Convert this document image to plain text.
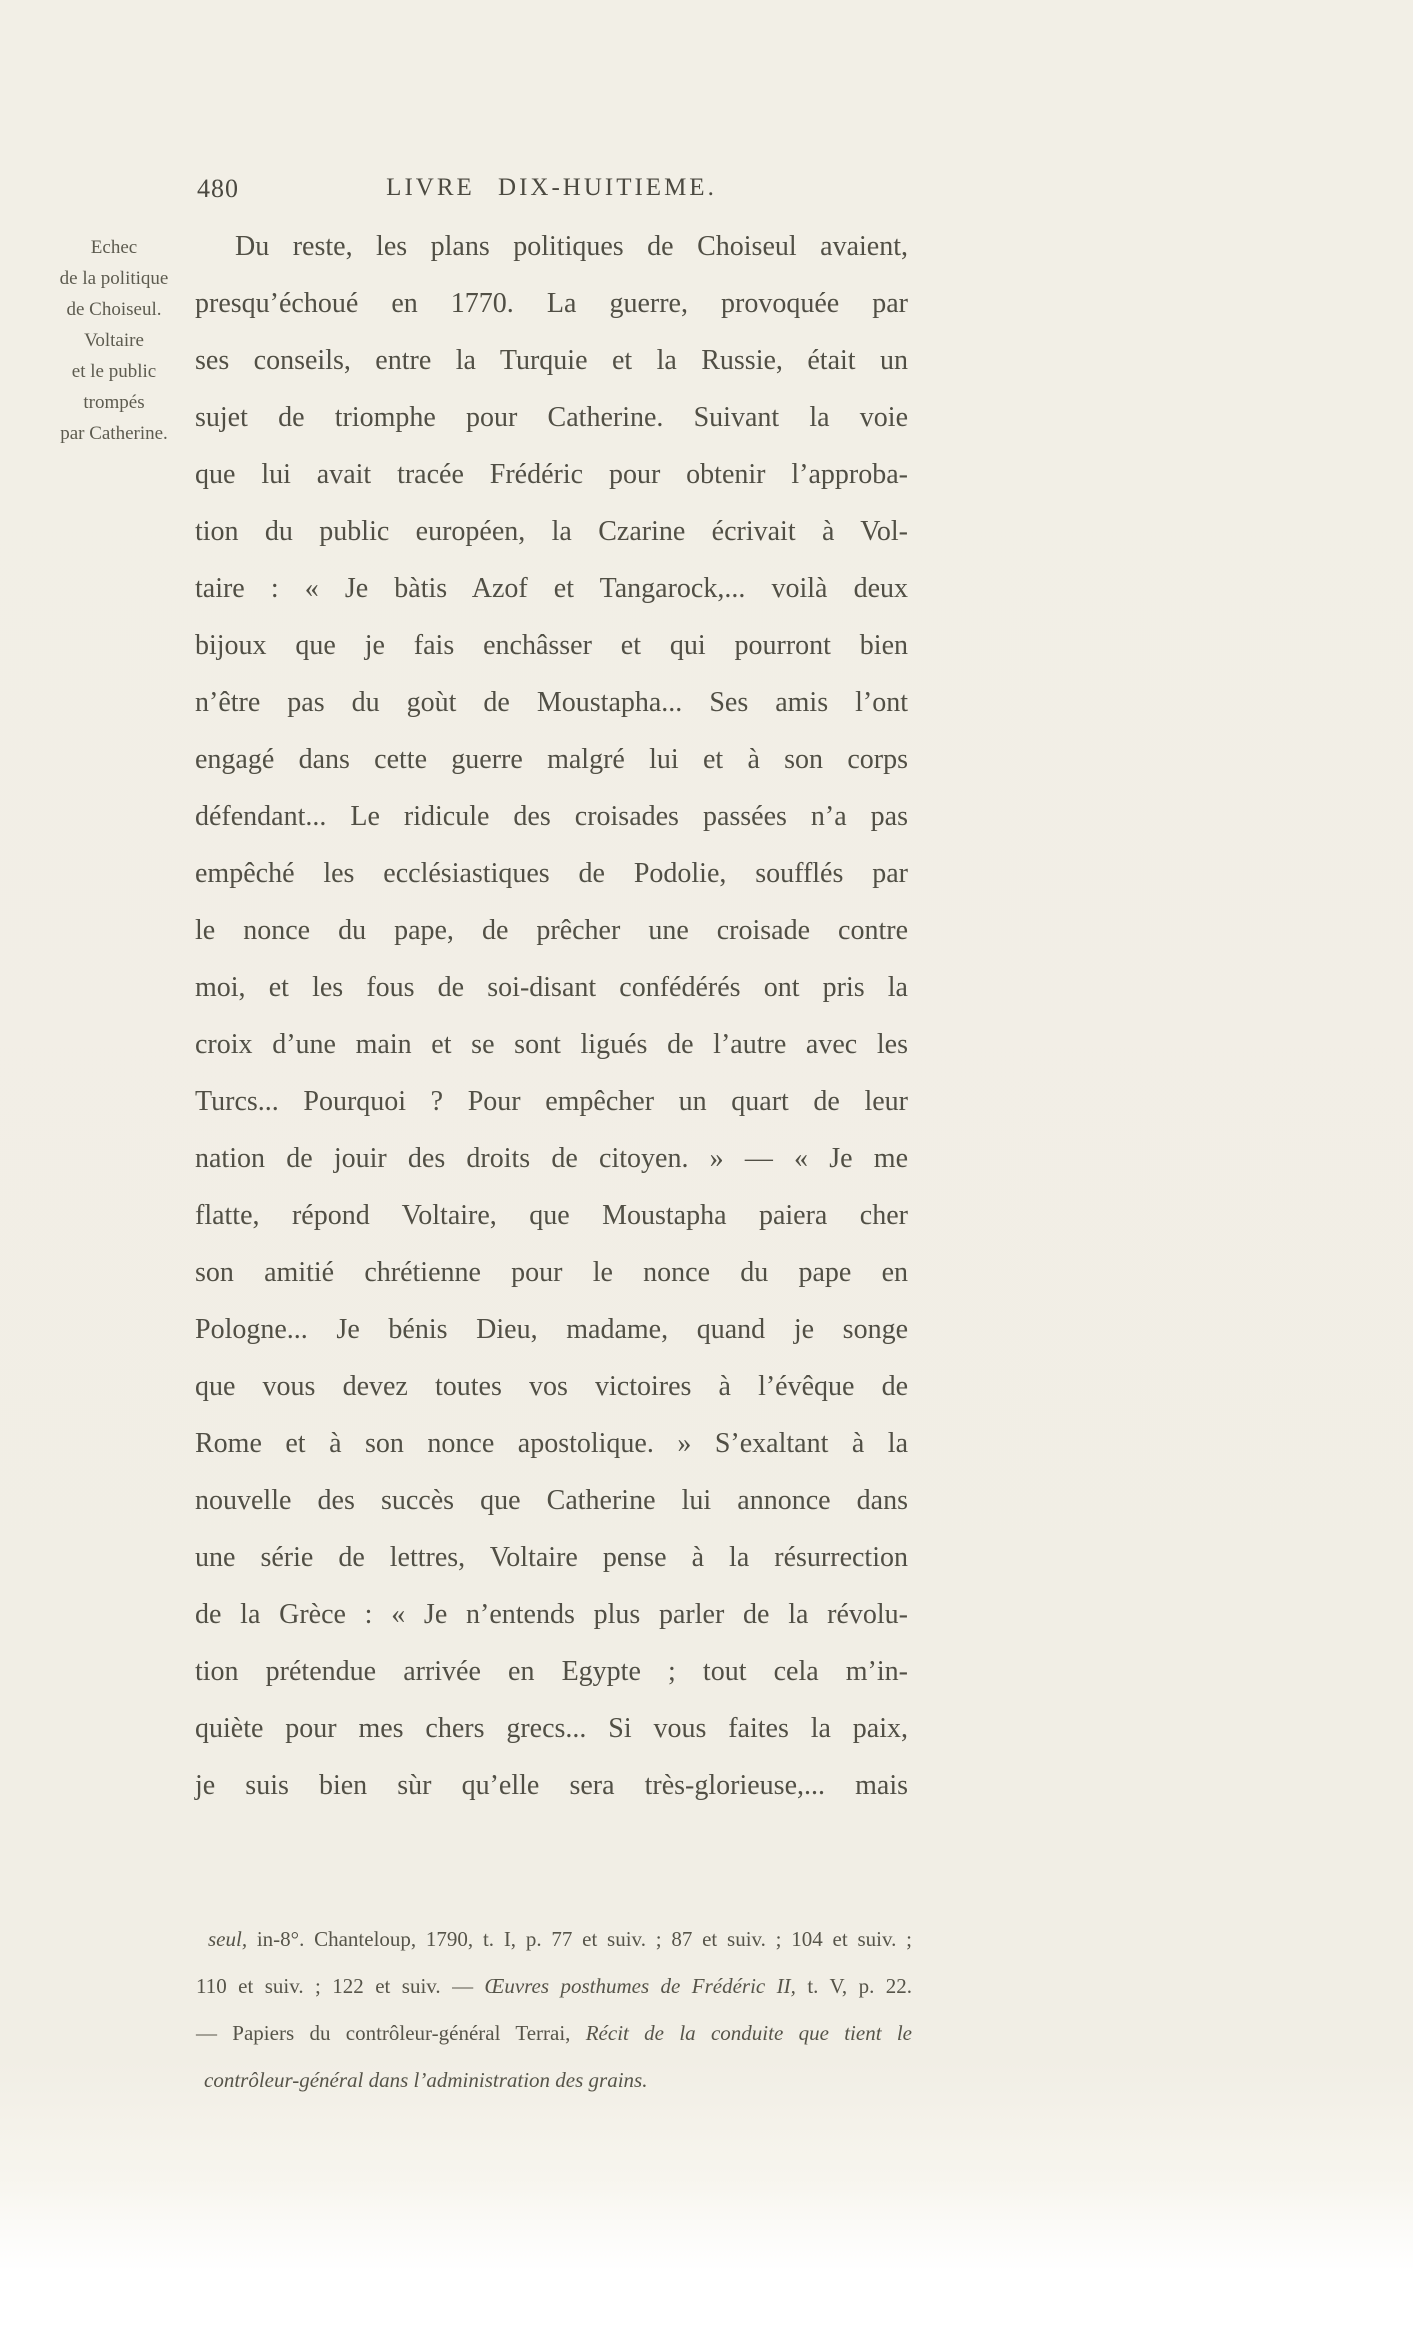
480	LIVRE DIX-HUITIEME.
Echec
de la politique
de Choiseul.
Voltaire
et le public
trompés
par Catherine.
Du reste, les plans politiques de Choiseul avaient,
presqu’échoué en 1770. La guerre, provoquée par
ses conseils, entre la Turquie et la Russie, était un
sujet de triomphe pour Catherine. Suivant la voie
que lui avait tracée Frédéric pour obtenir l’approba-
tion du public européen, la Czarine écrivait à Vol-
taire : « Je bàtis Azof et Tangarock,... voilà deux
bijoux que je fais enchâsser et qui pourront bien
n’être pas du goùt de Moustapha... Ses amis l’ont
engagé dans cette guerre malgré lui et à son corps
défendant... Le ridicule des croisades passées n’a pas
empêché les ecclésiastiques de Podolie, soufflés par
le nonce du pape, de prêcher une croisade contre
moi, et les fous de soi-disant confédérés ont pris la
croix d’une main et se sont ligués de l’autre avec les
Turcs... Pourquoi ? Pour empêcher un quart de leur
nation de jouir des droits de citoyen. » — « Je me
flatte, répond Voltaire, que Moustapha paiera cher
son amitié chrétienne pour le nonce du pape en
Pologne... Je bénis Dieu, madame, quand je songe
que vous devez toutes vos victoires à l’évêque de
Rome et à son nonce apostolique. » S’exaltant à la
nouvelle des succès que Catherine lui annonce dans
une série de lettres, Voltaire pense à la résurrection
de la Grèce : « Je n’entends plus parler de la révolu-
tion prétendue arrivée en Egypte ; tout cela m’in-
quiète pour mes chers grecs... Si vous faites la paix,
je suis bien sùr qu’elle sera très-glorieuse,... mais
seul, in-8°. Chanteloup, 1790, t. I, p. 77 et suiv. ; 87 et suiv. ; 104 et suiv. ;
110 et suiv. ; 122 et suiv. — Œuvres posthumes de Frédéric II, t. V, p. 22.
— Papiers du contrôleur-général Terrai, Récit de la conduite que tient le
contrôleur-général dans l’administration des grains.
